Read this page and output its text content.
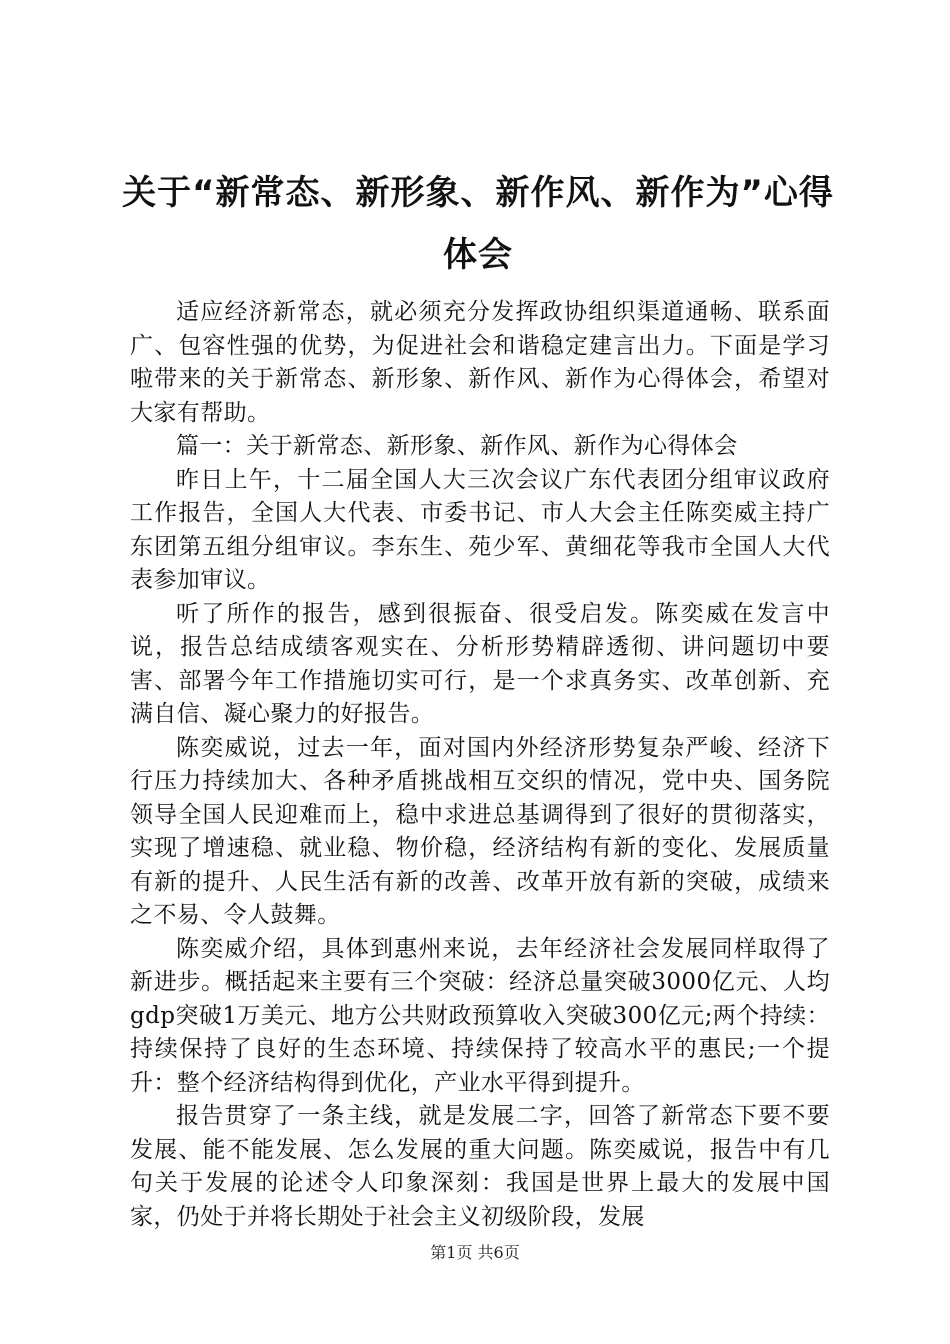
关于“新常态、新形象、新作风、新作为”心得体会

适应经济新常态，就必须充分发挥政协组织渠道通畅、联系面广、包容性强的优势，为促进社会和谐稳定建言出力。下面是学习啦带来的关于新常态、新形象、新作风、新作为心得体会，希望对大家有帮助。

篇一：关于新常态、新形象、新作风、新作为心得体会

昨日上午，十二届全国人大三次会议广东代表团分组审议政府工作报告，全国人大代表、市委书记、市人大会主任陈奕威主持广东团第五组分组审议。李东生、苑少军、黄细花等我市全国人大代表参加审议。

听了所作的报告，感到很振奋、很受启发。陈奕威在发言中说，报告总结成绩客观实在、分析形势精辟透彻、讲问题切中要害、部署今年工作措施切实可行，是一个求真务实、改革创新、充满自信、凝心聚力的好报告。

陈奕威说，过去一年，面对国内外经济形势复杂严峻、经济下行压力持续加大、各种矛盾挑战相互交织的情况，党中央、国务院领导全国人民迎难而上，稳中求进总基调得到了很好的贯彻落实，实现了增速稳、就业稳、物价稳，经济结构有新的变化、发展质量有新的提升、人民生活有新的改善、改革开放有新的突破，成绩来之不易、令人鼓舞。

陈奕威介绍，具体到惠州来说，去年经济社会发展同样取得了新进步。概括起来主要有三个突破：经济总量突破3000亿元、人均gdp突破1万美元、地方公共财政预算收入突破300亿元;两个持续：持续保持了良好的生态环境、持续保持了较高水平的惠民;一个提升：整个经济结构得到优化，产业水平得到提升。

报告贯穿了一条主线，就是发展二字，回答了新常态下要不要发展、能不能发展、怎么发展的重大问题。陈奕威说，报告中有几句关于发展的论述令人印象深刻：我国是世界上最大的发展中国家，仍处于并将长期处于社会主义初级阶段，发展

第1页 共6页
